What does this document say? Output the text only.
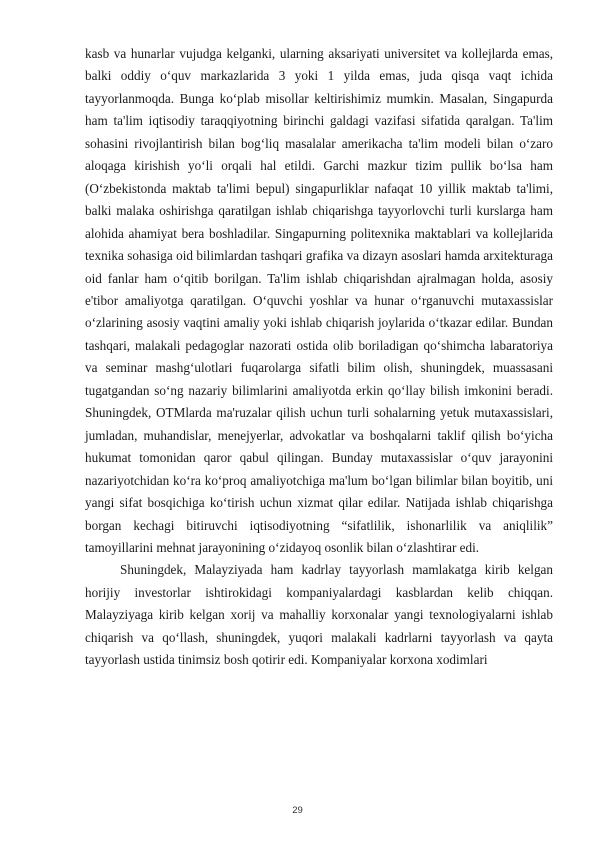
kasb va hunarlar vujudga kelganki, ularning aksariyati universitet va kollejlarda emas, balki oddiy o‘quv markazlarida 3 yoki 1 yilda emas, juda qisqa vaqt ichida tayyorlanmoqda. Bunga ko‘plab misollar keltirishimiz mumkin. Masalan, Singapurda ham ta'lim iqtisodiy taraqqiyotning birinchi galdagi vazifasi sifatida qaralgan. Ta'lim sohasini rivojlantirish bilan bog‘liq masalalar amerikacha ta'lim modeli bilan o‘zaro aloqaga kirishish yo‘li orqali hal etildi. Garchi mazkur tizim pullik bo‘lsa ham (O‘zbekistonda maktab ta'limi bepul) singapurliklar nafaqat 10 yillik maktab ta'limi, balki malaka oshirishga qaratilgan ishlab chiqarishga tayyorlovchi turli kurslarga ham alohida ahamiyat bera boshladilar. Singapurning politexnika maktablari va kollejlarida texnika sohasiga oid bilimlardan tashqari grafika va dizayn asoslari hamda arxitekturaga oid fanlar ham o‘qitib borilgan. Ta'lim ishlab chiqarishdan ajralmagan holda, asosiy e'tibor amaliyotga qaratilgan. O‘quvchi yoshlar va hunar o‘rganuvchi mutaxassislar o‘zlarining asosiy vaqtini amaliy yoki ishlab chiqarish joylarida o‘tkazar edilar. Bundan tashqari, malakali pedagoglar nazorati ostida olib boriladigan qo‘shimcha labaratoriya va seminar mashg‘ulotlari fuqarolarga sifatli bilim olish, shuningdek, muassasani tugatgandan so‘ng nazariy bilimlarini amaliyotda erkin qo‘llay bilish imkonini beradi. Shuningdek, OTMlarda ma'ruzalar qilish uchun turli sohalarning yetuk mutaxassislari, jumladan, muhandislar, menejyerlar, advokatlar va boshqalarni taklif qilish bo‘yicha hukumat tomonidan qaror qabul qilingan. Bunday mutaxassislar o‘quv jarayonini nazariyotchidan ko‘ra ko‘proq amaliyotchiga ma'lum bo‘lgan bilimlar bilan boyitib, uni yangi sifat bosqichiga ko‘tirish uchun xizmat qilar edilar. Natijada ishlab chiqarishga borgan kechagi bitiruvchi iqtisodiyotning “sifatlilik, ishonarlilik va aniqlilik” tamoyillarini mehnat jarayonining o‘zidayoq osonlik bilan o‘zlashtirar edi.

Shuningdek, Malayziyada ham kadrlay tayyorlash mamlakatga kirib kelgan horijiy investorlar ishtirokidagi kompaniyalardagi kasblardan kelib chiqqan. Malayziyaga kirib kelgan xorij va mahalliy korxonalar yangi texnologiyalarni ishlab chiqarish va qo‘llash, shuningdek, yuqori malakali kadrlarni tayyorlash va qayta tayyorlash ustida tinimsiz bosh qotirir edi. Kompaniyalar korxona xodimlari

29
